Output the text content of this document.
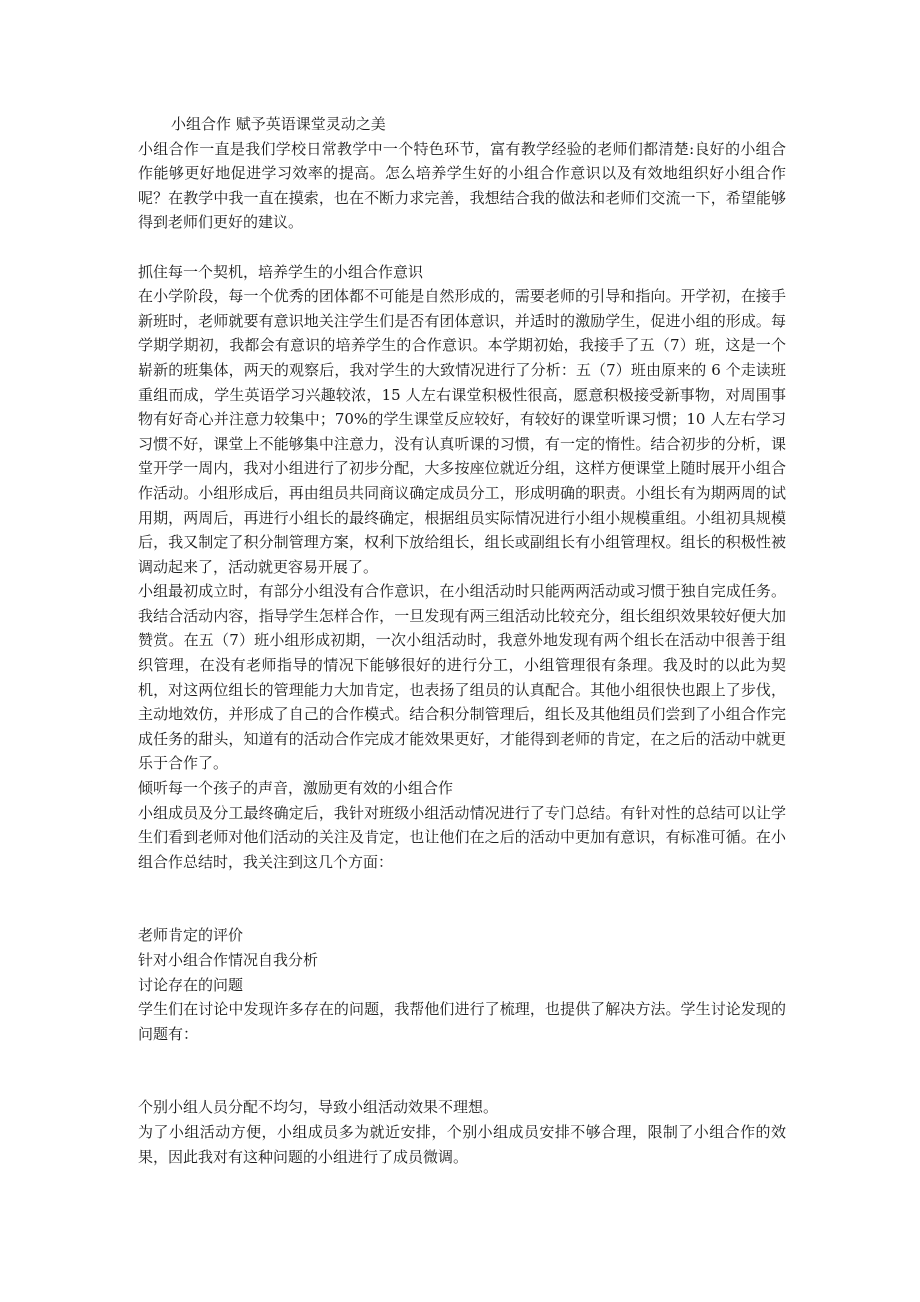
小组合作 赋予英语课堂灵动之美

小组合作一直是我们学校日常教学中一个特色环节，富有教学经验的老师们都清楚:良好的小组合作能够更好地促进学习效率的提高。怎么培养学生好的小组合作意识以及有效地组织好小组合作呢？在教学中我一直在摸索，也在不断力求完善，我想结合我的做法和老师们交流一下，希望能够得到老师们更好的建议。

抓住每一个契机，培养学生的小组合作意识

在小学阶段，每一个优秀的团体都不可能是自然形成的，需要老师的引导和指向。开学初，在接手新班时，老师就要有意识地关注学生们是否有团体意识，并适时的激励学生，促进小组的形成。每学期学期初，我都会有意识的培养学生的合作意识。本学期初始，我接手了五（7）班，这是一个崭新的班集体，两天的观察后，我对学生的大致情况进行了分析：五（7）班由原来的 6 个走读班重组而成，学生英语学习兴趣较浓，15 人左右课堂积极性很高，愿意积极接受新事物，对周围事物有好奇心并注意力较集中；70%的学生课堂反应较好，有较好的课堂听课习惯；10 人左右学习习惯不好，课堂上不能够集中注意力，没有认真听课的习惯，有一定的惰性。结合初步的分析，课堂开学一周内，我对小组进行了初步分配，大多按座位就近分组，这样方便课堂上随时展开小组合作活动。小组形成后，再由组员共同商议确定成员分工，形成明确的职责。小组长有为期两周的试用期，两周后，再进行小组长的最终确定，根据组员实际情况进行小组小规模重组。小组初具规模后，我又制定了积分制管理方案，权利下放给组长，组长或副组长有小组管理权。组长的积极性被调动起来了，活动就更容易开展了。

小组最初成立时，有部分小组没有合作意识，在小组活动时只能两两活动或习惯于独自完成任务。我结合活动内容，指导学生怎样合作，一旦发现有两三组活动比较充分，组长组织效果较好便大加赞赏。在五（7）班小组形成初期，一次小组活动时，我意外地发现有两个组长在活动中很善于组织管理，在没有老师指导的情况下能够很好的进行分工，小组管理很有条理。我及时的以此为契机，对这两位组长的管理能力大加肯定，也表扬了组员的认真配合。其他小组很快也跟上了步伐，主动地效仿，并形成了自己的合作模式。结合积分制管理后，组长及其他组员们尝到了小组合作完成任务的甜头，知道有的活动合作完成才能效果更好，才能得到老师的肯定，在之后的活动中就更乐于合作了。

倾听每一个孩子的声音，激励更有效的小组合作

小组成员及分工最终确定后，我针对班级小组活动情况进行了专门总结。有针对性的总结可以让学生们看到老师对他们活动的关注及肯定，也让他们在之后的活动中更加有意识，有标准可循。在小组合作总结时，我关注到这几个方面：

老师肯定的评价

针对小组合作情况自我分析

讨论存在的问题

学生们在讨论中发现许多存在的问题，我帮他们进行了梳理，也提供了解决方法。学生讨论发现的问题有：

个别小组人员分配不均匀，导致小组活动效果不理想。

为了小组活动方便，小组成员多为就近安排，个别小组成员安排不够合理，限制了小组合作的效果，因此我对有这种问题的小组进行了成员微调。
